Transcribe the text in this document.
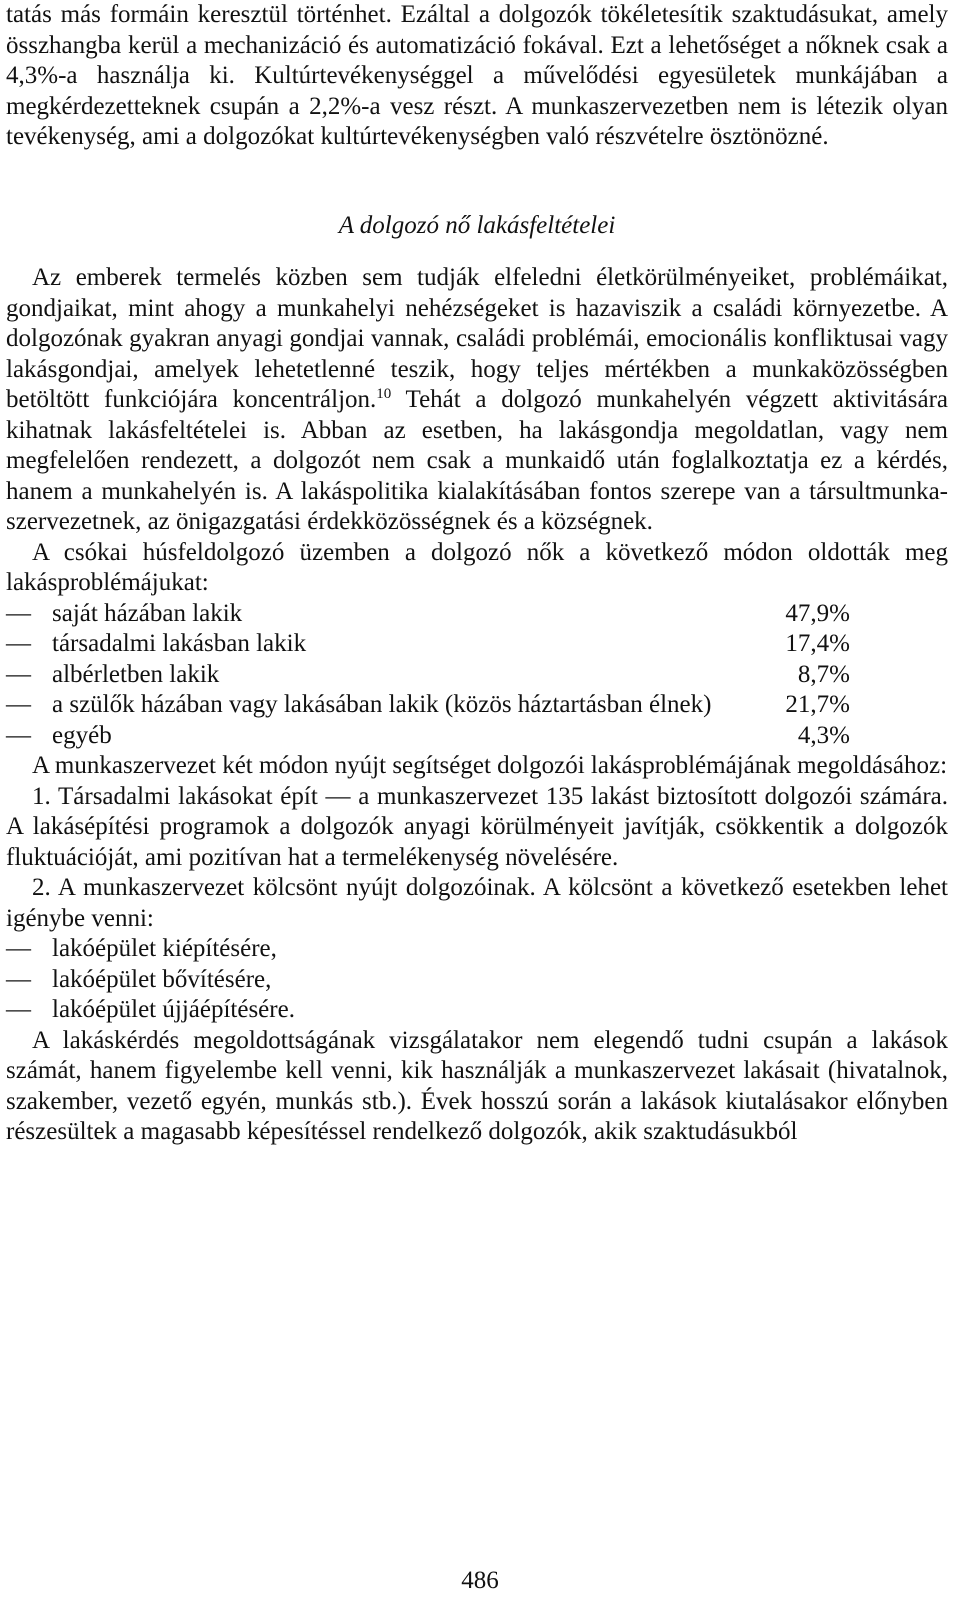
tatás más formáin keresztül történhet. Ezáltal a dolgozók tökéletesítik szaktudásukat, amely összhangba kerül a mechanizáció és automatizáció fokával. Ezt a lehetőséget a nőknek csak a 4,3%-a használja ki. Kultúrtevékenységgel a művelődési egyesületek munkájában a megkérdezetteknek csupán a 2,2%-a vesz részt. A munkaszervezetben nem is létezik olyan tevékenység, ami a dolgozókat kultúrtevékenységben való részvételre ösztönözné.

A dolgozó nő lakásfeltételei

Az emberek termelés közben sem tudják elfeledni életkörülményeiket, problémáikat, gondjaikat, mint ahogy a munkahelyi nehézségeket is hazaviszik a családi környezetbe. A dolgozónak gyakran anyagi gondjai vannak, családi problémái, emocionális konfliktusai vagy lakásgondjai, amelyek lehetetlenné teszik, hogy teljes mértékben a munkaközösségben betöltött funkciójára koncentráljon.$^{10}$ Tehát a dolgozó munkahelyén végzett aktivitására kihatnak lakásfeltételei is. Abban az esetben, ha lakásgondja megoldatlan, vagy nem megfelelően rendezett, a dolgozót nem csak a munkaidő után foglalkoztatja ez a kérdés, hanem a munkahelyén is. A lakáspolitika kialakításában fontos szerepe van a társultmunka-szervezetnek, az önigazgatási érdekközösségnek és a községnek.

A csókai húsfeldolgozó üzemben a dolgozó nők a következő módon oldották meg lakásproblémájukat:

— saját házában lakik	47,9%
— társadalmi lakásban lakik	17,4%
— albérletben lakik	8,7%
— a szülők házában vagy lakásában lakik (közös háztartásban élnek)	21,7%
— egyéb	4,3%

A munkaszervezet két módon nyújt segítséget dolgozói lakásproblémájának megoldásához:

1. Társadalmi lakásokat épít — a munkaszervezet 135 lakást biztosított dolgozói számára. A lakásépítési programok a dolgozók anyagi körülményeit javítják, csökkentik a dolgozók fluktuációját, ami pozitívan hat a termelékenység növelésére.

2. A munkaszervezet kölcsönt nyújt dolgozóinak. A kölcsönt a következő esetekben lehet igénybe venni:

— lakóépület kiépítésére,
— lakóépület bővítésére,
— lakóépület újjáépítésére.

A lakáskérdés megoldottságának vizsgálatakor nem elegendő tudni csupán a lakások számát, hanem figyelembe kell venni, kik használják a munkaszervezet lakásait (hivatalnok, szakember, vezető egyén, munkás stb.). Évek hosszú során a lakások kiutalásakor előnyben részesültek a magasabb képesítéssel rendelkező dolgozók, akik szaktudásukból

486
